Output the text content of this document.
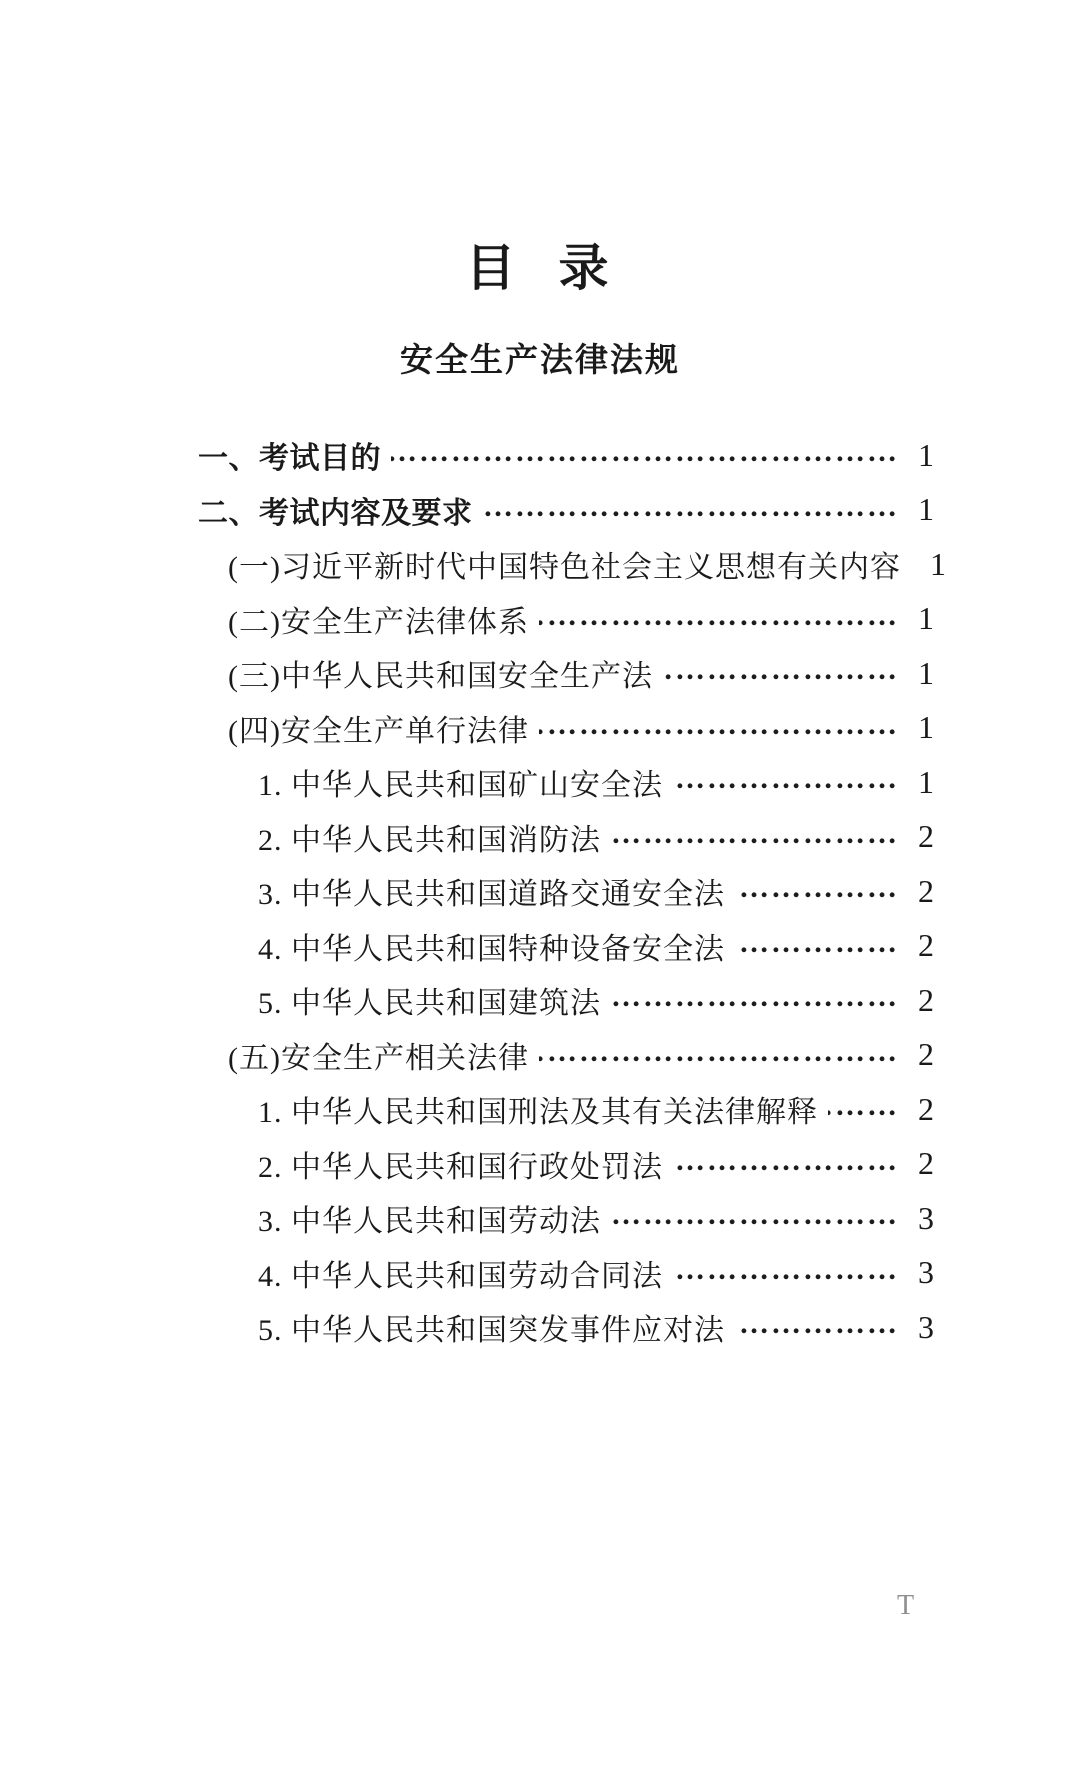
目  录
安全生产法律法规
一、考试目的 …………………………………………………………………………………………	1
二、考试内容及要求 …………………………………………………………………………………………	1
(一)习近平新时代中国特色社会主义思想有关内容 1
(二)安全生产法律体系 …………………………………………………………………………………………	1
(三)中华人民共和国安全生产法 …………………………………………………………………………………………	1
(四)安全生产单行法律 …………………………………………………………………………………………	1
1. 中华人民共和国矿山安全法 …………………………………………………………………………………………	1
2. 中华人民共和国消防法 …………………………………………………………………………………………	2
3. 中华人民共和国道路交通安全法 …………………………………………………………………………………………	2
4. 中华人民共和国特种设备安全法 …………………………………………………………………………………………	2
5. 中华人民共和国建筑法 …………………………………………………………………………………………	2
(五)安全生产相关法律 …………………………………………………………………………………………	2
1. 中华人民共和国刑法及其有关法律解释 …………………………………………………………………………………………	2
2. 中华人民共和国行政处罚法 …………………………………………………………………………………………	2
3. 中华人民共和国劳动法 …………………………………………………………………………………………	3
4. 中华人民共和国劳动合同法 …………………………………………………………………………………………	3
5. 中华人民共和国突发事件应对法 …………………………………………………………………………………………	3
T
